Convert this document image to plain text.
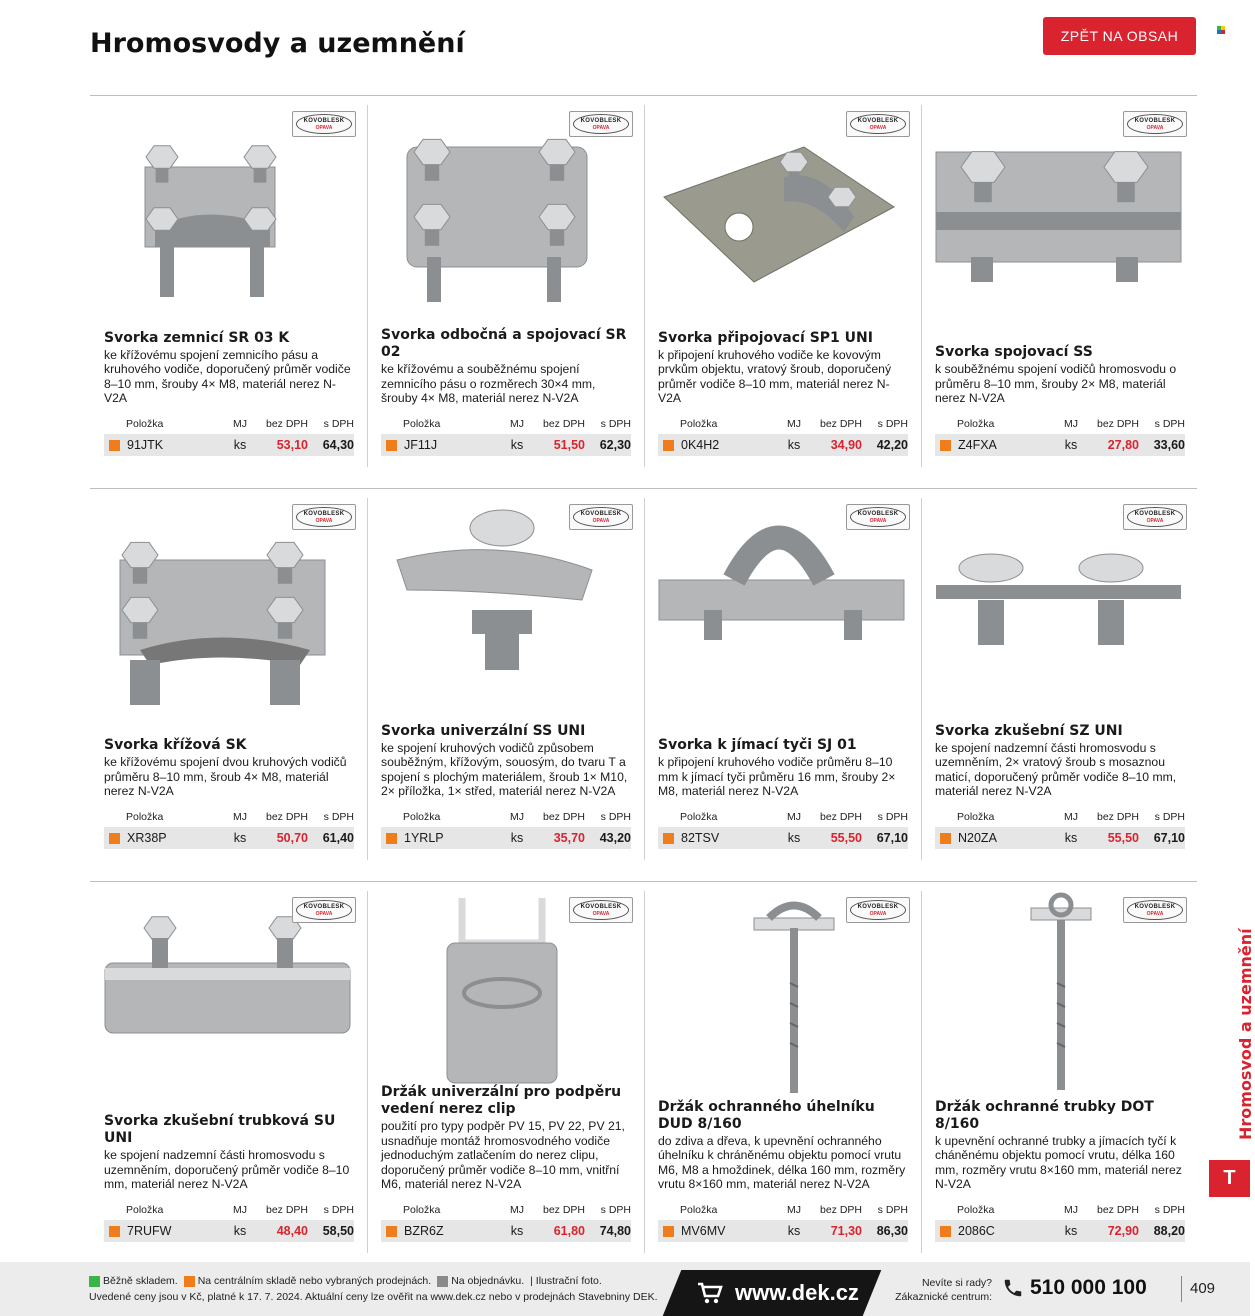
Hromosvody a uzemnění	ZPĚT NA OBSAH
KOVOBLESK
OPAVA
Svorka zemnicí SR 03 K

ke křížovému spojení zemnicího pásu a kruhového vodiče, doporučený průměr vodiče 8–10 mm, šrouby 4× M8, materiál nerez N-V2A

Položka	MJ	bez DPH	s DPH
91JTK	ks	53,10	64,30
KOVOBLESK
OPAVA
Svorka odbočná a spojovací SR 02

ke křížovému a souběžnému spojení zemnicího pásu o rozměrech 30×4 mm, šrouby 4× M8, materiál nerez N-V2A

Položka	MJ	bez DPH	s DPH
JF11J	ks	51,50	62,30
KOVOBLESK
OPAVA
Svorka připojovací SP1 UNI

k připojení kruhového vodiče ke kovovým prvkům objektu, vratový šroub, doporučený průměr vodiče 8–10 mm, materiál nerez N-V2A

Položka	MJ	bez DPH	s DPH
0K4H2	ks	34,90	42,20
KOVOBLESK
OPAVA
Svorka spojovací SS

k souběžnému spojení vodičů hromosvodu o průměru 8–10 mm, šrouby 2× M8, materiál nerez N-V2A

Položka	MJ	bez DPH	s DPH
Z4FXA	ks	27,80	33,60
KOVOBLESK
OPAVA
Svorka křížová SK

ke křížovému spojení dvou kruhových vodičů průměru 8–10 mm, šroub 4× M8, materiál nerez N-V2A

Položka	MJ	bez DPH	s DPH
XR38P	ks	50,70	61,40
KOVOBLESK
OPAVA
Svorka univerzální SS UNI

ke spojení kruhových vodičů způsobem souběžným, křížovým, souosým, do tvaru T a spojení s plochým materiálem, šroub 1× M10, 2× příložka, 1× střed, materiál nerez N-V2A

Položka	MJ	bez DPH	s DPH
1YRLP	ks	35,70	43,20
KOVOBLESK
OPAVA
Svorka k jímací tyči SJ 01

k připojení kruhového vodiče průměru 8–10 mm k jímací tyči průměru 16 mm, šrouby 2× M8, materiál nerez N-V2A

Položka	MJ	bez DPH	s DPH
82TSV	ks	55,50	67,10
KOVOBLESK
OPAVA
Svorka zkušební SZ UNI

ke spojení nadzemní části hromosvodu s uzemněním, 2× vratový šroub s mosaznou maticí, doporučený průměr vodiče 8–10 mm, materiál nerez N-V2A

Položka	MJ	bez DPH	s DPH
N20ZA	ks	55,50	67,10
KOVOBLESK
OPAVA
Svorka zkušební trubková SU UNI

ke spojení nadzemní části hromosvodu s uzemněním, doporučený průměr vodiče 8–10 mm, materiál nerez N-V2A

Položka	MJ	bez DPH	s DPH
7RUFW	ks	48,40	58,50
KOVOBLESK
OPAVA
Držák univerzální pro podpěru vedení nerez clip

použití pro typy podpěr PV 15, PV 22, PV 21, usnadňuje montáž hromosvodného vodiče jednoduchým zatlačením do nerez clipu, doporučený průměr vodiče 8–10 mm, vnitřní M6, materiál nerez N-V2A

Položka	MJ	bez DPH	s DPH
BZR6Z	ks	61,80	74,80
KOVOBLESK
OPAVA
Držák ochranného úhelníku DUD 8/160

do zdiva a dřeva, k upevnění ochranného úhelníku k chráněnému objektu pomocí vrutu M6, M8 a hmoždinek, délka 160 mm, rozměry vrutu 8×160 mm, materiál nerez N-V2A

Položka	MJ	bez DPH	s DPH
MV6MV	ks	71,30	86,30
KOVOBLESK
OPAVA
Držák ochranné trubky DOT 8/160

k upevnění ochranné trubky a jímacích tyčí k cháněnému objektu pomocí vrutu, délka 160 mm, rozměry vrutu 8×160 mm, materiál nerez N-V2A

Položka	MJ	bez DPH	s DPH
2086C	ks	72,90	88,20
Hromosvod a uzemnění
T
Běžně skladem. Na centrálním skladě nebo vybraných prodejnách. Na objednávku. | Ilustrační foto.
Uvedené ceny jsou v Kč, platné k 17. 7. 2024. Aktuální ceny lze ověřit na www.dek.cz nebo v prodejnách Stavebniny DEK.	www.dek.cz	Nevíte si rady?
Zákaznické centrum: 510 000 100	409
